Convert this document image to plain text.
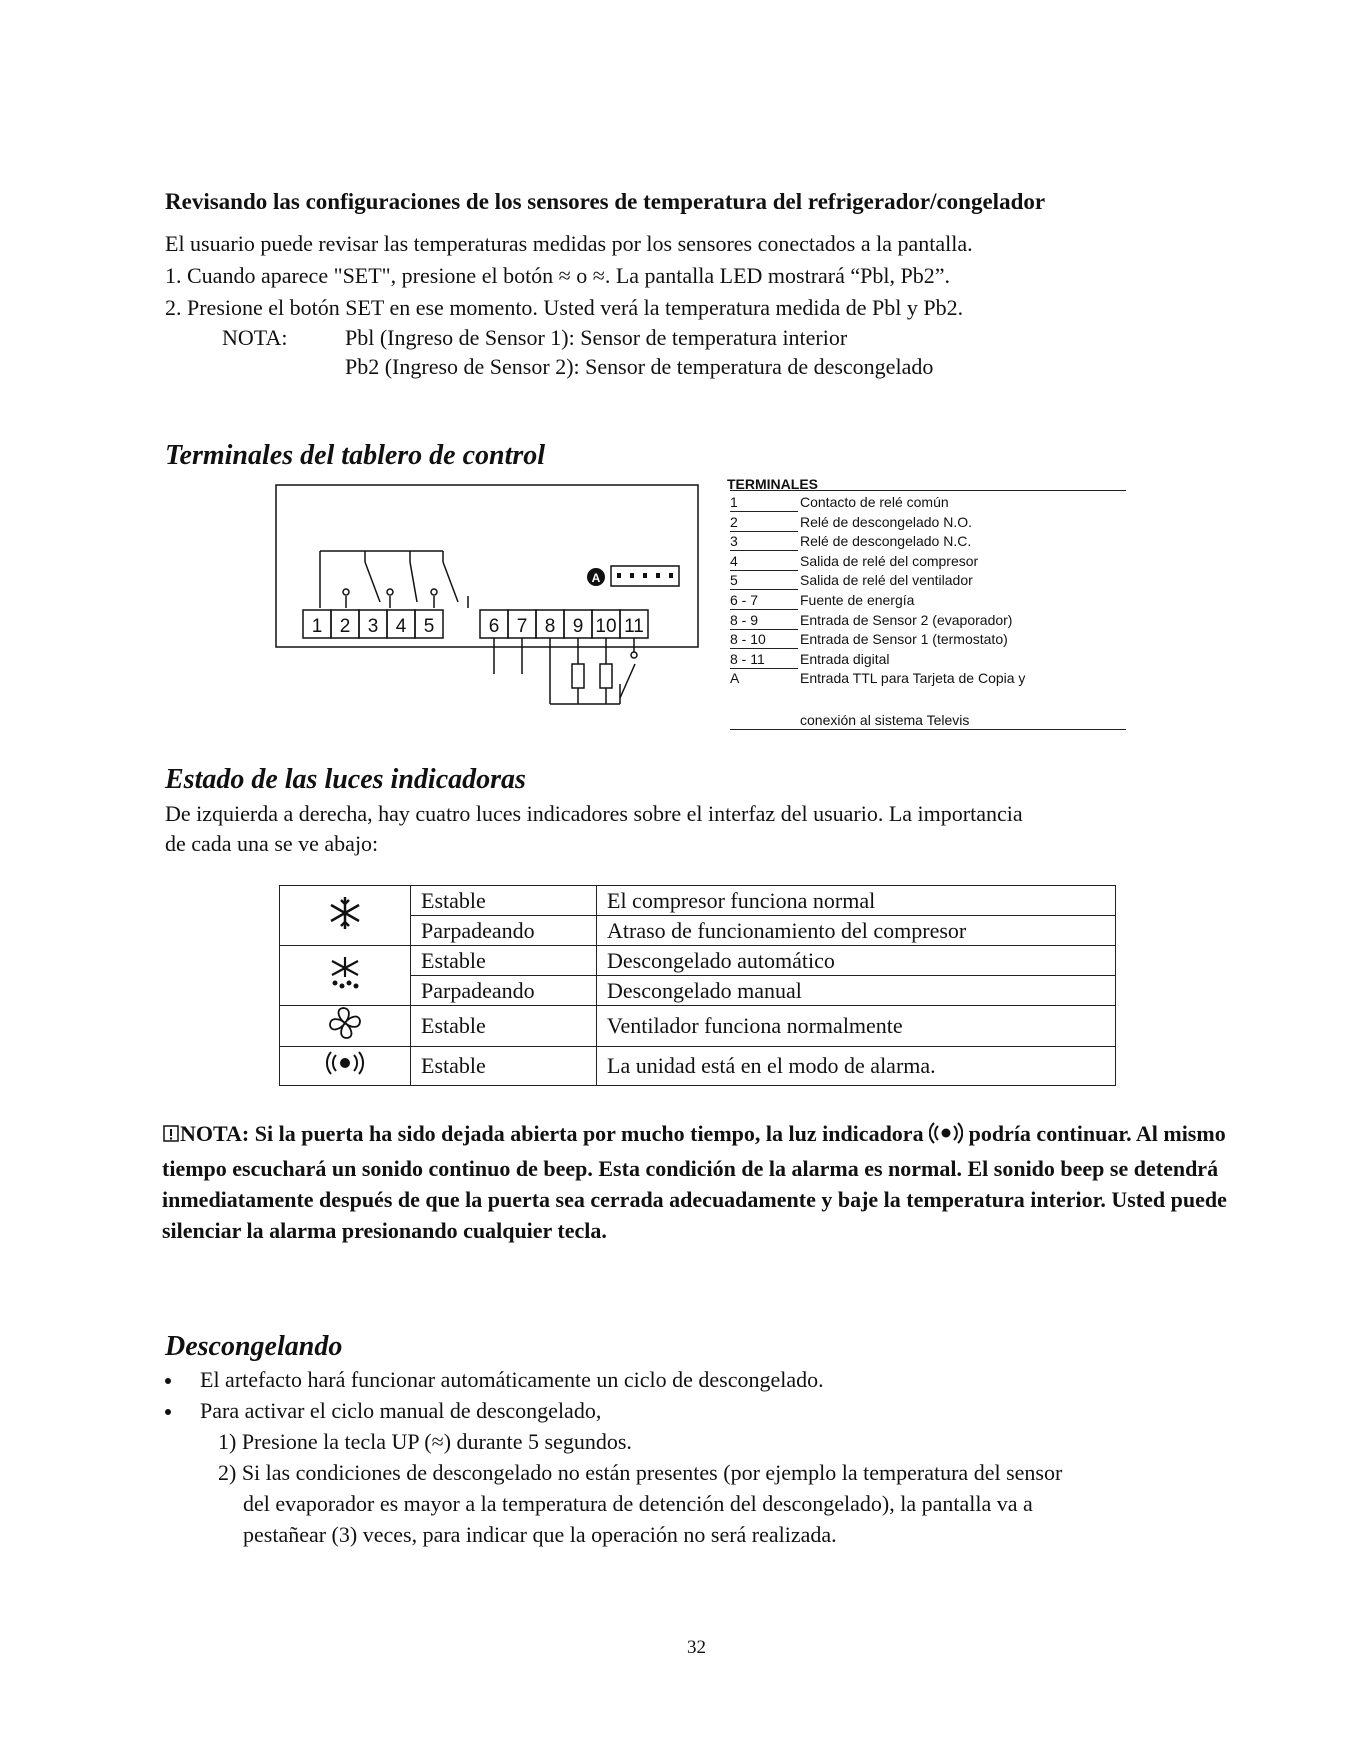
Revisando las configuraciones de los sensores de temperatura del refrigerador/congelador
El usuario puede revisar las temperaturas medidas por los sensores conectados a la pantalla.
1. Cuando aparece "SET", presione el botón ≈ o ≈. La pantalla LED mostrará “Pbl, Pb2”.
2. Presione el botón SET en ese momento. Usted verá la temperatura medida de Pbl y Pb2.
NOTA:	Pbl (Ingreso de Sensor 1): Sensor de temperatura interior
Pb2 (Ingreso de Sensor 2): Sensor de temperatura de descongelado
Terminales del tablero de control
A
1 2 3 4 5	6 7 8 9 10 11
TERMINALES
1	Contacto de relé común
2	Relé de descongelado N.O.
3	Relé de descongelado N.C.
4	Salida de relé del compresor
5	Salida de relé del ventilador
6 - 7	Fuente de energía
8 - 9	Entrada de Sensor 2 (evaporador)
8 - 10	Entrada de Sensor 1 (termostato)
8 - 11	Entrada digital
A	Entrada TTL para Tarjeta de Copia y
conexión al sistema Televis
Estado de las luces indicadoras
De izquierda a derecha, hay cuatro luces indicadores sobre el interfaz del usuario. La importancia
de cada una se ve abajo:
	Estable	El compresor funciona normal
	Parpadeando	Atraso de funcionamiento del compresor
	Estable	Descongelado automático
	Parpadeando	Descongelado manual
	Estable	Ventilador funciona normalmente
	Estable	La unidad está en el modo de alarma.
NOTA: Si la puerta ha sido dejada abierta por mucho tiempo, la luz indicadora podría continuar. Al mismo tiempo escuchará un sonido continuo de beep. Esta condición de la alarma es normal. El sonido beep se detendrá inmediatamente después de que la puerta sea cerrada adecuadamente y baje la temperatura interior. Usted puede silenciar la alarma presionando cualquier tecla.
Descongelando
El artefacto hará funcionar automáticamente un ciclo de descongelado.
Para activar el ciclo manual de descongelado,
1) Presione la tecla UP (≈) durante 5 segundos.
2) Si las condiciones de descongelado no están presentes (por ejemplo la temperatura del sensor
del evaporador es mayor a la temperatura de detención del descongelado), la pantalla va a
pestañear (3) veces, para indicar que la operación no será realizada.
32
